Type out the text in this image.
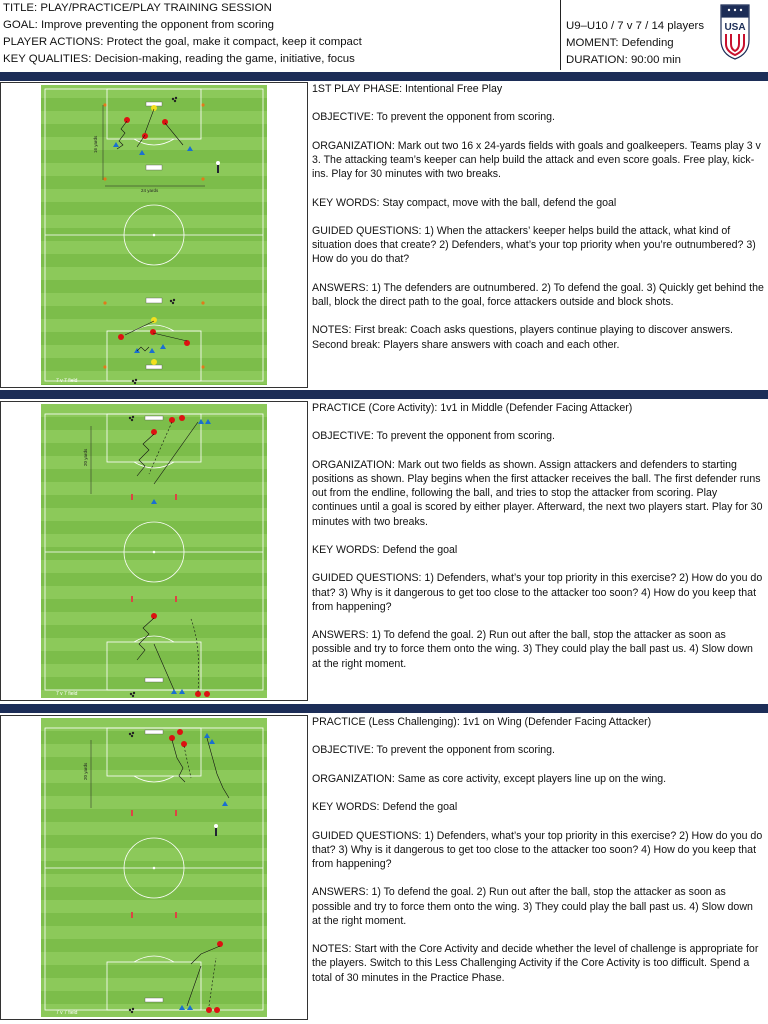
TITLE: PLAY/PRACTICE/PLAY TRAINING SESSION
GOAL: Improve preventing the opponent from scoring
PLAYER ACTIONS: Protect the goal, make it compact, keep it compact
KEY QUALITIES: Decision-making, reading the game, initiative, focus
U9–U10 / 7 v 7 / 14 players
MOMENT: Defending
DURATION: 90:00 min
USA
16 yards
24 yards
7 v 7 field

1ST PLAY PHASE: Intentional Free Play

OBJECTIVE: To prevent the opponent from scoring.

ORGANIZATION: Mark out two 16 x 24-yards fields with goals and goalkeepers. Teams play 3 v 3. The attacking team’s keeper can help build the attack and even score goals. Free play, kick-ins. Play for 30 minutes with two breaks.

KEY WORDS: Stay compact, move with the ball, defend the goal

GUIDED QUESTIONS: 1) When the attackers’ keeper helps build the attack, what kind of situation does that create? 2) Defenders, what’s your top priority when you’re outnumbered? 3) How do you do that?

ANSWERS: 1) The defenders are outnumbered. 2) To defend the goal. 3) Quickly get behind the ball, block the direct path to the goal, force attackers outside and block shots.

NOTES: First break: Coach asks questions, players continue playing to discover answers. Second break: Players share answers with coach and each other.

20 yards
7 v 7 field

PRACTICE (Core Activity): 1v1 in Middle (Defender Facing Attacker)

OBJECTIVE: To prevent the opponent from scoring.

ORGANIZATION: Mark out two fields as shown. Assign attackers and defenders to starting positions as shown. Play begins when the first attacker receives the ball. The first defender runs out from the endline, following the ball, and tries to stop the attacker from scoring. Play continues until a goal is scored by either player. Afterward, the next two players start. Play for 30 minutes with two breaks.

KEY WORDS: Defend the goal

GUIDED QUESTIONS: 1) Defenders, what’s your top priority in this exercise? 2) How do you do that? 3) Why is it dangerous to get too close to the attacker too soon? 4) How do you keep that from happening?

ANSWERS: 1) To defend the goal. 2) Run out after the ball, stop the attacker as soon as possible and try to force them onto the wing. 3) They could play the ball past us. 4) Slow down at the right moment.

20 yards
7 v 7 field

PRACTICE (Less Challenging): 1v1 on Wing (Defender Facing Attacker)

OBJECTIVE: To prevent the opponent from scoring.

ORGANIZATION: Same as core activity, except players line up on the wing.

KEY WORDS: Defend the goal

GUIDED QUESTIONS: 1) Defenders, what’s your top priority in this exercise? 2) How do you do that? 3) Why is it dangerous to get too close to the attacker too soon? 4) How do you keep that from happening?

ANSWERS: 1) To defend the goal. 2) Run out after the ball, stop the attacker as soon as possible and try to force them onto the wing. 3) They could play the ball past us. 4) Slow down at the right moment.

NOTES: Start with the Core Activity and decide whether the level of challenge is appropriate for the players. Switch to this Less Challenging Activity if the Core Activity is too difficult. Spend a total of 30 minutes in the Practice Phase.
